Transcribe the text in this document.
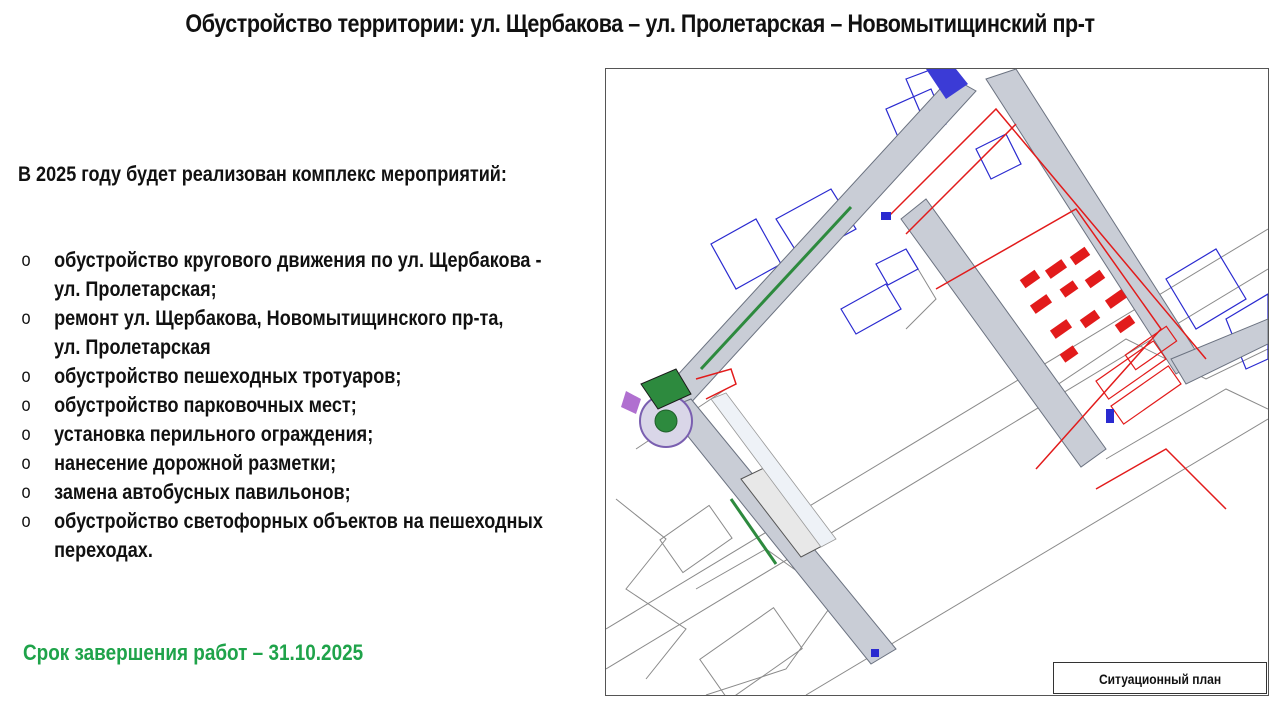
Обустройство территории: ул. Щербакова – ул. Пролетарская – Новомытищинский пр-т
В 2025 году будет реализован комплекс мероприятий:
o обустройство кругового движения по ул. Щербакова -
ул. Пролетарская;
o ремонт ул. Щербакова, Новомытищинского пр-та,
ул. Пролетарская
o обустройство пешеходных тротуаров;
o обустройство парковочных мест;
o установка перильного ограждения;
o нанесение дорожной разметки;
o замена автобусных павильонов;
o обустройство светофорных объектов на пешеходных
переходах.
Срок завершения работ – 31.10.2025
Ситуационный план
